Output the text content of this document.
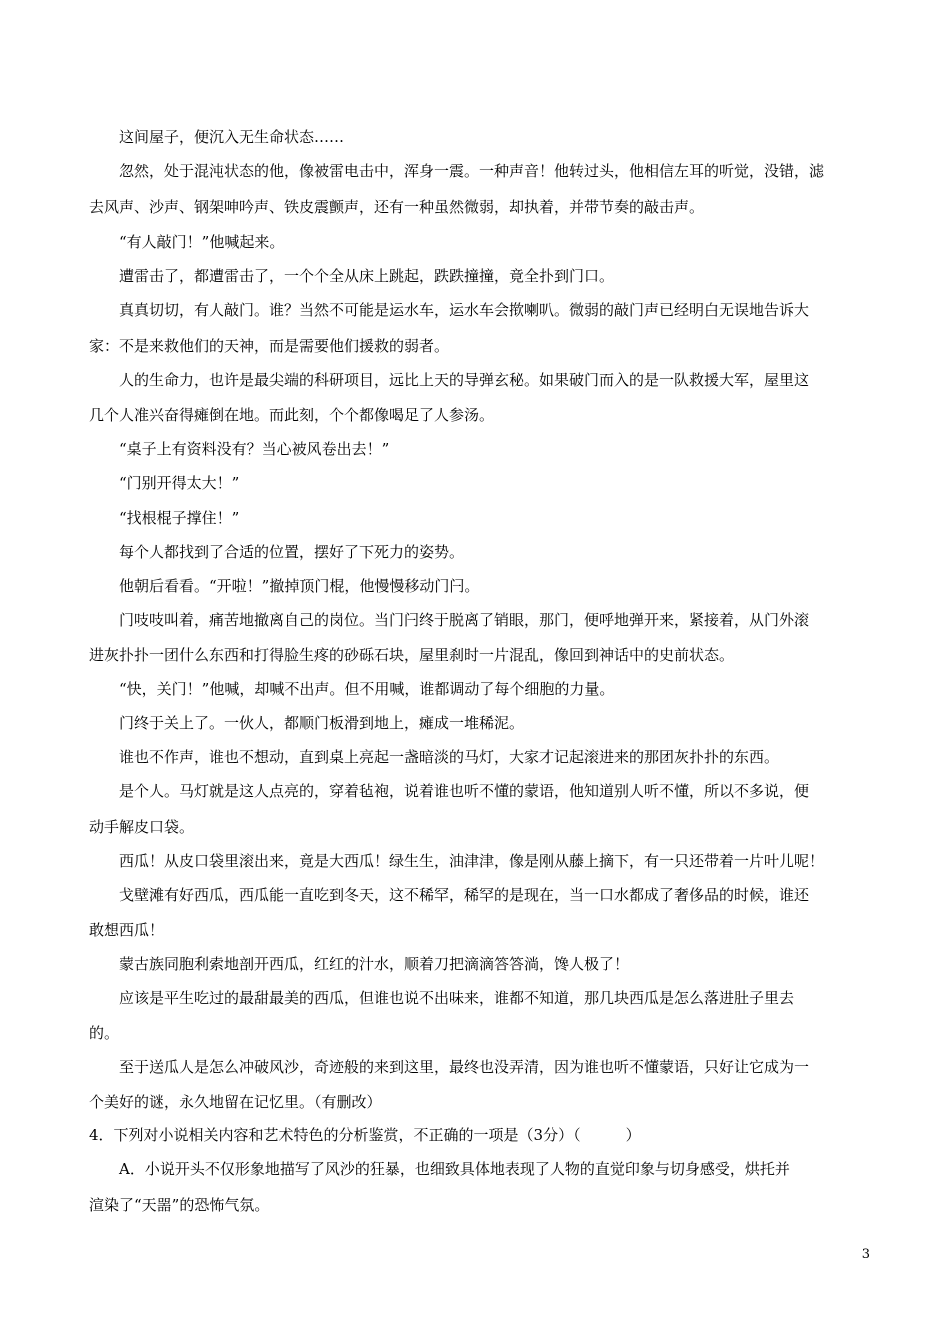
这间屋子，便沉入无生命状态……
忽然，处于混沌状态的他，像被雷电击中，浑身一震。一种声音！他转过头，他相信左耳的听觉，没错，滤
去风声、沙声、钢架呻吟声、铁皮震颤声，还有一种虽然微弱，却执着，并带节奏的敲击声。
“有人敲门！”他喊起来。
遭雷击了，都遭雷击了，一个个全从床上跳起，跌跌撞撞，竟全扑到门口。
真真切切，有人敲门。谁？当然不可能是运水车，运水车会揿喇叭。微弱的敲门声已经明白无误地告诉大
家：不是来救他们的天神，而是需要他们援救的弱者。
人的生命力，也许是最尖端的科研项目，远比上天的导弹玄秘。如果破门而入的是一队救援大军，屋里这
几个人准兴奋得瘫倒在地。而此刻，个个都像喝足了人参汤。
“桌子上有资料没有？当心被风卷出去！”
“门别开得太大！”
“找根棍子撑住！”
每个人都找到了合适的位置，摆好了下死力的姿势。
他朝后看看。“开啦！”撤掉顶门棍，他慢慢移动门闩。
门吱吱叫着，痛苦地撤离自己的岗位。当门闩终于脱离了销眼，那门，便呼地弹开来，紧接着，从门外滚
进灰扑扑一团什么东西和打得脸生疼的砂砾石块，屋里刹时一片混乱，像回到神话中的史前状态。
“快，关门！”他喊，却喊不出声。但不用喊，谁都调动了每个细胞的力量。
门终于关上了。一伙人，都顺门板滑到地上，瘫成一堆稀泥。
谁也不作声，谁也不想动，直到桌上亮起一盏暗淡的马灯，大家才记起滚进来的那团灰扑扑的东西。
是个人。马灯就是这人点亮的，穿着毡袍，说着谁也听不懂的蒙语，他知道别人听不懂，所以不多说，便
动手解皮口袋。
西瓜！从皮口袋里滚出来，竟是大西瓜！绿生生，油津津，像是刚从藤上摘下，有一只还带着一片叶儿呢！
戈壁滩有好西瓜，西瓜能一直吃到冬天，这不稀罕，稀罕的是现在，当一口水都成了奢侈品的时候，谁还
敢想西瓜！
蒙古族同胞利索地剖开西瓜，红红的汁水，顺着刀把滴滴答答淌，馋人极了！
应该是平生吃过的最甜最美的西瓜，但谁也说不出味来，谁都不知道，那几块西瓜是怎么落进肚子里去
的。
至于送瓜人是怎么冲破风沙，奇迹般的来到这里，最终也没弄清，因为谁也听不懂蒙语，只好让它成为一
个美好的谜，永久地留在记忆里。（有删改）
4．下列对小说相关内容和艺术特色的分析鉴赏，不正确的一项是（3分）（　　　）
A．小说开头不仅形象地描写了风沙的狂暴，也细致具体地表现了人物的直觉印象与切身感受，烘托并
渲染了“天噐”的恐怖气氛。
3
